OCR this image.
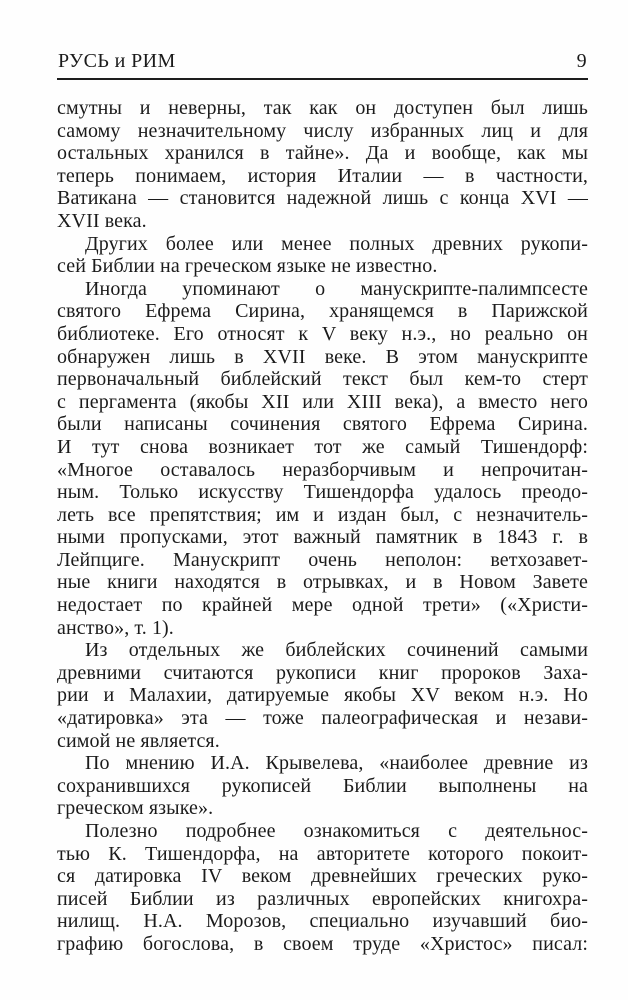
РУСЬ и РИМ	9
смутны и неверны, так как он доступен был лишь
самому незначительному числу избранных лиц и для
остальных хранился в тайне». Да и вообще, как мы
теперь понимаем, история Италии — в частности,
Ватикана — становится надежной лишь с конца XVI —
XVII века.
Других более или менее полных древних рукопи-
сей Библии на греческом языке не известно.
Иногда упоминают о манускрипте-палимпсесте
святого Ефрема Сирина, хранящемся в Парижской
библиотеке. Его относят к V веку н.э., но реально он
обнаружен лишь в XVII веке. В этом манускрипте
первоначальный библейский текст был кем-то стерт
с пергамента (якобы XII или XIII века), а вместо него
были написаны сочинения святого Ефрема Сирина.
И тут снова возникает тот же самый Тишендорф:
«Многое оставалось неразборчивым и непрочитан-
ным. Только искусству Тишендорфа удалось преодо-
леть все препятствия; им и издан был, с незначитель-
ными пропусками, этот важный памятник в 1843 г. в
Лейпциге. Манускрипт очень неполон: ветхозавет-
ные книги находятся в отрывках, и в Новом Завете
недостает по крайней мере одной трети» («Христи-
анство», т. 1).
Из отдельных же библейских сочинений самыми
древними считаются рукописи книг пророков Заха-
рии и Малахии, датируемые якобы XV веком н.э. Но
«датировка» эта — тоже палеографическая и незави-
симой не является.
По мнению И.А. Крывелева, «наиболее древние из
сохранившихся рукописей Библии выполнены на
греческом языке».
Полезно подробнее ознакомиться с деятельнос-
тью К. Тишендорфа, на авторитете которого покоит-
ся датировка IV веком древнейших греческих руко-
писей Библии из различных европейских книгохра-
нилищ. Н.А. Морозов, специально изучавший био-
графию богослова, в своем труде «Христос» писал:
